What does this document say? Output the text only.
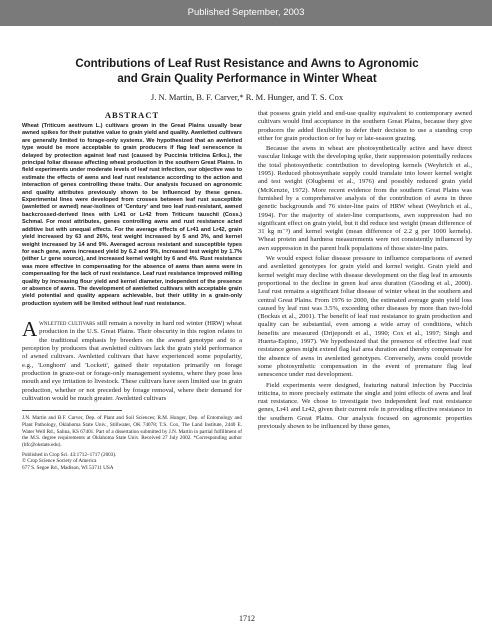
Published September, 2003
Contributions of Leaf Rust Resistance and Awns to Agronomic
and Grain Quality Performance in Winter Wheat
J. N. Martin, B. F. Carver,* R. M. Hunger, and T. S. Cox
ABSTRACT

Wheat (Triticum aestivum L.) cultivars grown in the Great Plains usually bear awned spikes for their putative value to grain yield and quality. Awnletted cultivars are generally limited to forage-only systems. We hypothesized that an awnletted type would be more acceptable to grain producers if flag leaf senescence is delayed by protection against leaf rust (caused by Puccinia triticina Eriks.), the principal foliar disease affecting wheat production in the southern Great Plains. In field experiments under moderate levels of leaf rust infection, our objective was to estimate the effects of awns and leaf rust resistance according to the action and interaction of genes controlling these traits. Our analysis focused on agronomic and quality attributes previously shown to be influenced by these genes. Experimental lines were developed from crosses between leaf rust susceptible (awnletted or awned) near-isolines of 'Century' and two leaf rust-resistant, awned backcrossed-derived lines with Lr41 or Lr42 from Triticum tauschii (Coss.) Schmal. For most attributes, genes controlling awns and rust resistance acted additive but with unequal effects. For the average effects of Lr41 and Lr42, grain yield increased by 63 and 26%, test weight increased by 5 and 3%, and kernel weight increased by 14 and 9%. Averaged across resistant and susceptible types for each gene, awns increased yield by 6.2 and 9%, increased test weight by 1.7% (either Lr gene source), and increased kernel weight by 6 and 4%. Rust resistance was more effective in compensating for the absence of awns than awns were in compensating for the lack of rust resistance. Leaf rust resistance improved milling quality by increasing flour yield and kernel diameter, independent of the presence or absence of awns. The development of awnletted cultivars with acceptable grain yield potential and quality appears achievable, but their utility in a grain-only production system will be limited without leaf rust resistance.

Awnletted cultivars still remain a novelty in hard red winter (HRW) wheat production in the U.S. Great Plains. Their obscurity in this region relates to the traditional emphasis by breeders on the awned genotype and to a perception by producers that awnletted cultivars lack the grain yield performance of awned cultivars. Awnletted cultivars that have experienced some popularity, e.g., 'Longhorn' and 'Lockett', gained their reputation primarily on forage production in graze-out or forage-only management systems, where they pose less mouth and eye irritation to livestock. These cultivars have seen limited use in grain production, whether or not preceded by forage removal, where their demand for cultivation would be much greater. Awnletted cultivars

J.N. Martin and B.F. Carver, Dep. of Plant and Soil Sciences; R.M. Hunger, Dep. of Entomology and Plant Pathology, Oklahoma State Univ., Stillwater, OK 74078; T.S. Cox, The Land Institute, 2440 E. Water Well Rd., Salina, KS 67401. Part of a dissertation submitted by J.N. Martin in partial fulfillment of the M.S. degree requirements at Oklahoma State Univ. Received 27 July 2002. *Corresponding author (bfc@okstate.edu).

Published in Crop Sci. 43:1712–1717 (2003).
© Crop Science Society of America
677 S. Segoe Rd., Madison, WI 53711 USA

that possess grain yield and end-use quality equivalent to contemporary awned cultivars would find acceptance in the southern Great Plains, because they give producers the added flexibility to defer their decision to use a standing crop either for grain production or for hay or late-season grazing.

Because the awns in wheat are photosynthetically active and have direct vascular linkage with the developing spike, their suppression potentially reduces the total photosynthetic contribution to developing kernels (Weyhrich et al., 1995). Reduced photosynthate supply could translate into lower kernel weight and test weight (Olugbemi et al., 1976) and possibly reduced grain yield (McKenzie, 1972). More recent evidence from the southern Great Plains was furnished by a comprehensive analysis of the contribution of awns in three genetic backgrounds and 76 sister-line pairs of HRW wheat (Weyhrich et al., 1994). For the majority of sister-line comparisons, awn suppression had no significant effect on grain yield, but it did reduce test weight (mean difference of 31 kg m⁻³) and kernel weight (mean difference of 2.2 g per 1000 kernels). Wheat protein and hardness measurements were not consistently influenced by awn suppression in the parent bulk populations of those sister-line pairs.

We would expect foliar disease pressure to influence comparisons of awned and awnletted genotypes for grain yield and kernel weight. Grain yield and kernel weight may decline with disease development on the flag leaf in amounts proportional to the decline in green leaf area duration (Gooding et al., 2000). Leaf rust remains a significant foliar disease of winter wheat in the southern and central Great Plains. From 1976 to 2000, the estimated average grain yield loss caused by leaf rust was 3.5%, exceeding other diseases by more than two-fold (Bockus et al., 2001). The benefit of leaf rust resistance to grain production and quality can be substantial, even among a wide array of conditions, which benefits are measured (Drijepondt et al., 1990; Cox et al., 1997; Singh and Huerta-Espino, 1997). We hypothesized that the presence of effective leaf rust resistance genes might extend flag leaf area duration and thereby compensate for the absence of awns in awnletted genotypes. Conversely, awns could provide some photosynthetic compensation in the event of premature flag leaf senescence under rust development.

Field experiments were designed, featuring natural infection by Puccinia triticina, to more precisely estimate the single and joint effects of awns and leaf rust resistance. We chose to investigate two independent leaf rust resistance genes, Lr41 and Lr42, given their current role in providing effective resistance in the southern Great Plains. Our analysis focused on agronomic properties previously shown to be influenced by these genes,

1712
